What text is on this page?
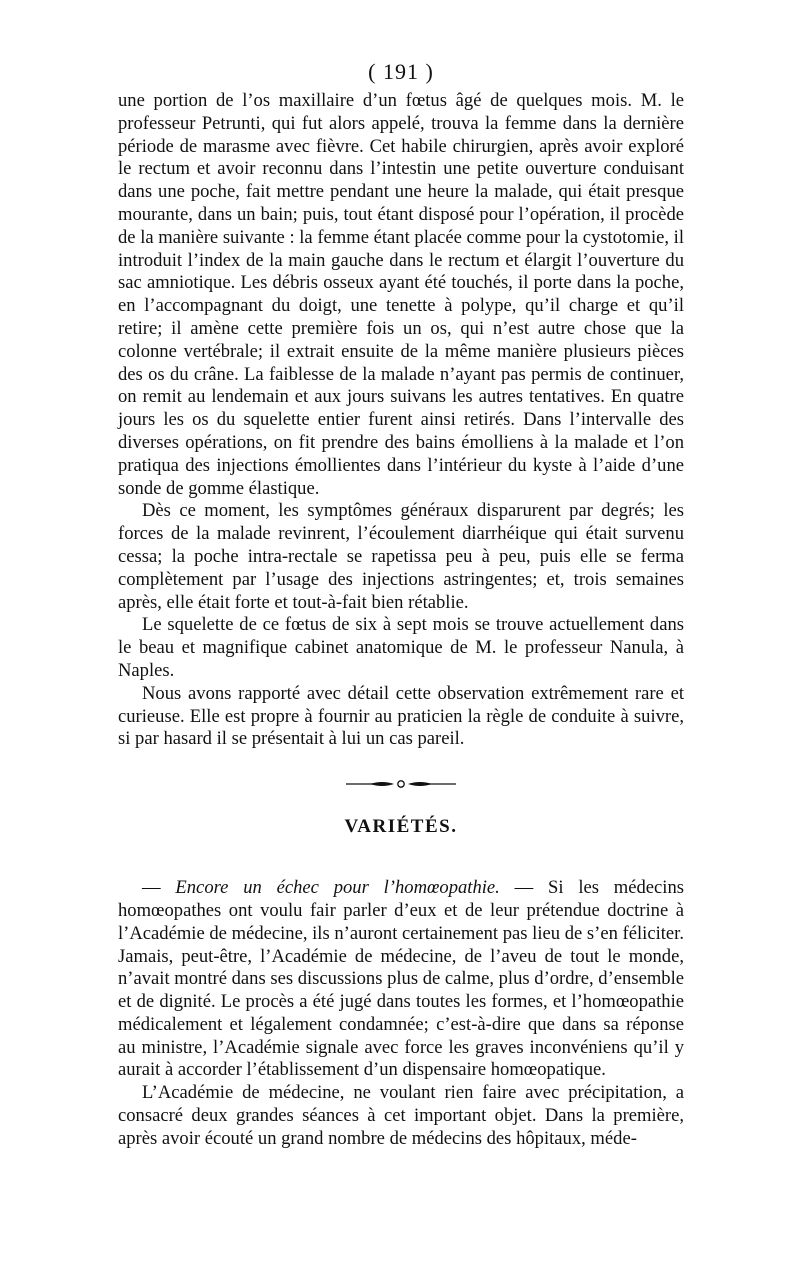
( 191 )

une portion de l’os maxillaire d’un fœtus âgé de quelques mois. M. le professeur Petrunti, qui fut alors appelé, trouva la femme dans la dernière période de marasme avec fièvre. Cet habile chirurgien, après avoir exploré le rectum et avoir reconnu dans l’intestin une petite ouverture conduisant dans une poche, fait mettre pendant une heure la malade, qui était presque mourante, dans un bain; puis, tout étant disposé pour l’opération, il procède de la manière suivante : la femme étant placée comme pour la cystotomie, il introduit l’index de la main gauche dans le rectum et élargit l’ouverture du sac amniotique. Les débris osseux ayant été touchés, il porte dans la poche, en l’accompagnant du doigt, une tenette à polype, qu’il charge et qu’il retire; il amène cette première fois un os, qui n’est autre chose que la colonne vertébrale; il extrait ensuite de la même manière plusieurs pièces des os du crâne. La faiblesse de la malade n’ayant pas permis de continuer, on remit au lendemain et aux jours suivans les autres tentatives. En quatre jours les os du squelette entier furent ainsi retirés. Dans l’intervalle des diverses opérations, on fit prendre des bains émolliens à la malade et l’on pratiqua des injections émollientes dans l’intérieur du kyste à l’aide d’une sonde de gomme élastique.

Dès ce moment, les symptômes généraux disparurent par degrés; les forces de la malade revinrent, l’écoulement diarrhéique qui était survenu cessa; la poche intra-rectale se rapetissa peu à peu, puis elle se ferma complètement par l’usage des injections astringentes; et, trois semaines après, elle était forte et tout-à-fait bien rétablie.

Le squelette de ce fœtus de six à sept mois se trouve actuellement dans le beau et magnifique cabinet anatomique de M. le professeur Nanula, à Naples.

Nous avons rapporté avec détail cette observation extrêmement rare et curieuse. Elle est propre à fournir au praticien la règle de conduite à suivre, si par hasard il se présentait à lui un cas pareil.

VARIÉTÉS.

— Encore un échec pour l’homœopathie. — Si les médecins homœopathes ont voulu fair parler d’eux et de leur prétendue doctrine à l’Académie de médecine, ils n’auront certainement pas lieu de s’en féliciter. Jamais, peut-être, l’Académie de médecine, de l’aveu de tout le monde, n’avait montré dans ses discussions plus de calme, plus d’ordre, d’ensemble et de dignité. Le procès a été jugé dans toutes les formes, et l’homœopathie médicalement et légalement condamnée; c’est-à-dire que dans sa réponse au ministre, l’Académie signale avec force les graves inconvéniens qu’il y aurait à accorder l’établissement d’un dispensaire homœopatique.

L’Académie de médecine, ne voulant rien faire avec précipitation, a consacré deux grandes séances à cet important objet. Dans la première, après avoir écouté un grand nombre de médecins des hôpitaux, méde-
